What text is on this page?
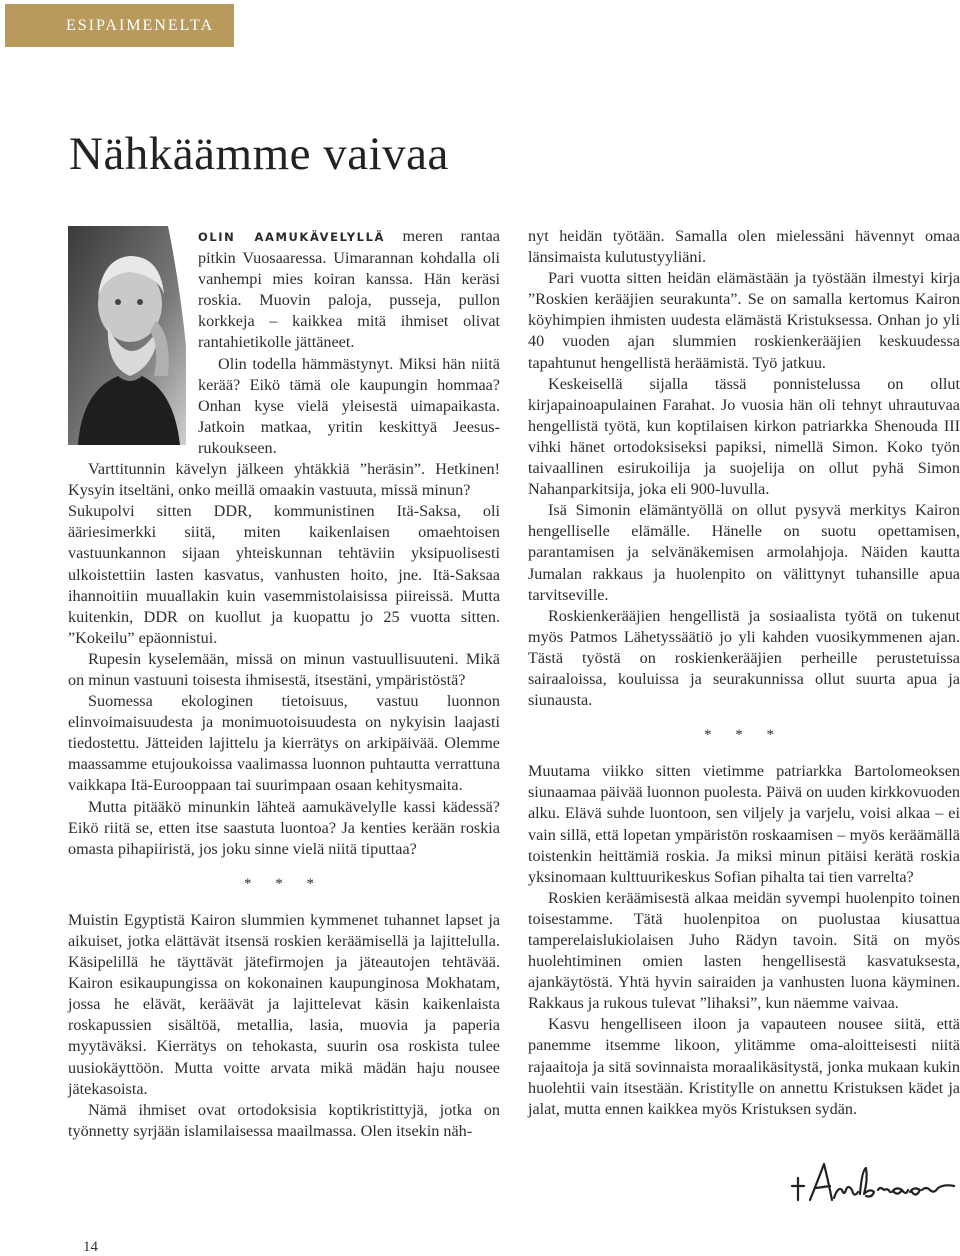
ESIPAIMENELTA
Nähkäämme vaivaa

OLIN AAMUKÄVELYLLÄ meren rantaa pitkin Vuosaaressa. Uimarannan kohdalla oli vanhempi mies koiran kanssa. Hän keräsi roskia. Muovin paloja, pusseja, pullon korkkeja – kaikkea mitä ihmiset olivat rantahietikolle jättäneet.

Olin todella hämmästynyt. Miksi hän niitä kerää? Eikö tämä ole kaupungin hommaa? Onhan kyse vielä yleisestä uimapaikasta. Jatkoin matkaa, yritin keskittyä Jeesus-rukoukseen.

Varttitunnin kävelyn jälkeen yhtäkkiä ”heräsin”. Hetkinen! Kysyin itseltäni, onko meillä omaakin vastuuta, missä minun?

Sukupolvi sitten DDR, kommunistinen Itä-Saksa, oli ääriesimerkki siitä, miten kaikenlaisen omaehtoisen vastuunkannon sijaan yhteiskunnan tehtäviin yksipuolisesti ulkoistettiin lasten kasvatus, vanhusten hoito, jne. Itä-Saksaa ihannoitiin muuallakin kuin vasemmistolaisissa piireissä. Mutta kuitenkin, DDR on kuollut ja kuopattu jo 25 vuotta sitten. ”Kokeilu” epäonnistui.

Rupesin kyselemään, missä on minun vastuullisuuteni. Mikä on minun vastuuni toisesta ihmisestä, itsestäni, ympäristöstä?

Suomessa ekologinen tietoisuus, vastuu luonnon elinvoimaisuudesta ja monimuotoisuudesta on nykyisin laajasti tiedostettu. Jätteiden lajittelu ja kierrätys on arkipäivää. Olemme maassamme etujoukoissa vaalimassa luonnon puhtautta verrattuna vaikkapa Itä-Eurooppaan tai suurimpaan osaan kehitysmaita.

Mutta pitääkö minunkin lähteä aamukävelylle kassi kädessä? Eikö riitä se, etten itse saastuta luontoa? Ja kenties kerään roskia omasta pihapiiristä, jos joku sinne vielä niitä tiputtaa?

* * *

Muistin Egyptistä Kairon slummien kymmenet tuhannet lapset ja aikuiset, jotka elättävät itsensä roskien keräämisellä ja lajittelulla. Käsipelillä he täyttävät jätefirmojen ja jäteautojen tehtävää. Kairon esikaupungissa on kokonainen kaupunginosa Mokhatam, jossa he elävät, keräävät ja lajittelevat käsin kaikenlaista roskapussien sisältöä, metallia, lasia, muovia ja paperia myytäväksi. Kierrätys on tehokasta, suurin osa roskista tulee uusiokäyttöön. Mutta voitte arvata mikä mädän haju nousee jätekasoista.

Nämä ihmiset ovat ortodoksisia koptikristittyjä, jotka on työnnetty syrjään islamilaisessa maailmassa. Olen itsekin näh-

nyt heidän työtään. Samalla olen mielessäni hävennyt omaa länsimaista kulutustyyliäni.

Pari vuotta sitten heidän elämästään ja työstään ilmestyi kirja ”Roskien kerääjien seurakunta”. Se on samalla kertomus Kairon köyhimpien ihmisten uudesta elämästä Kristuksessa. Onhan jo yli 40 vuoden ajan slummien roskienkerääjien keskuudessa tapahtunut hengellistä heräämistä. Työ jatkuu.

Keskeisellä sijalla tässä ponnistelussa on ollut kirjapainoapulainen Farahat. Jo vuosia hän oli tehnyt uhrautuvaa hengellistä työtä, kun koptilaisen kirkon patriarkka Shenouda III vihki hänet ortodoksiseksi papiksi, nimellä Simon. Koko työn taivaallinen esirukoilija ja suojelija on ollut pyhä Simon Nahanparkitsija, joka eli 900-luvulla.

Isä Simonin elämäntyöllä on ollut pysyvä merkitys Kairon hengelliselle elämälle. Hänelle on suotu opettamisen, parantamisen ja selvänäkemisen armolahjoja. Näiden kautta Jumalan rakkaus ja huolenpito on välittynyt tuhansille apua tarvitseville.

Roskienkerääjien hengellistä ja sosiaalista työtä on tukenut myös Patmos Lähetyssäätiö jo yli kahden vuosikymmenen ajan. Tästä työstä on roskienkerääjien perheille perustetuissa sairaaloissa, kouluissa ja seurakunnissa ollut suurta apua ja siunausta.

* * *

Muutama viikko sitten vietimme patriarkka Bartolomeoksen siunaamaa päivää luonnon puolesta. Päivä on uuden kirkkovuoden alku. Elävä suhde luontoon, sen viljely ja varjelu, voisi alkaa – ei vain sillä, että lopetan ympäristön roskaamisen – myös keräämällä toistenkin heittämiä roskia. Ja miksi minun pitäisi kerätä roskia yksinomaan kulttuurikeskus Sofian pihalta tai tien varrelta?

Roskien keräämisestä alkaa meidän syvempi huolenpito toinen toisestamme. Tätä huolenpitoa on puolustaa kiusattua tamperelaislukiolaisen Juho Rädyn tavoin. Sitä on myös huolehtiminen omien lasten hengellisestä kasvatuksesta, ajankäytöstä. Yhtä hyvin sairaiden ja vanhusten luona käyminen. Rakkaus ja rukous tulevat ”lihaksi”, kun näemme vaivaa.

Kasvu hengelliseen iloon ja vapauteen nousee siitä, että panemme itsemme likoon, ylitämme oma-aloitteisesti niitä rajaaitoja ja sitä sovinnaista moraalikäsitystä, jonka mukaan kukin huolehtii vain itsestään. Kristitylle on annettu Kristuksen kädet ja jalat, mutta ennen kaikkea myös Kristuksen sydän.

14
